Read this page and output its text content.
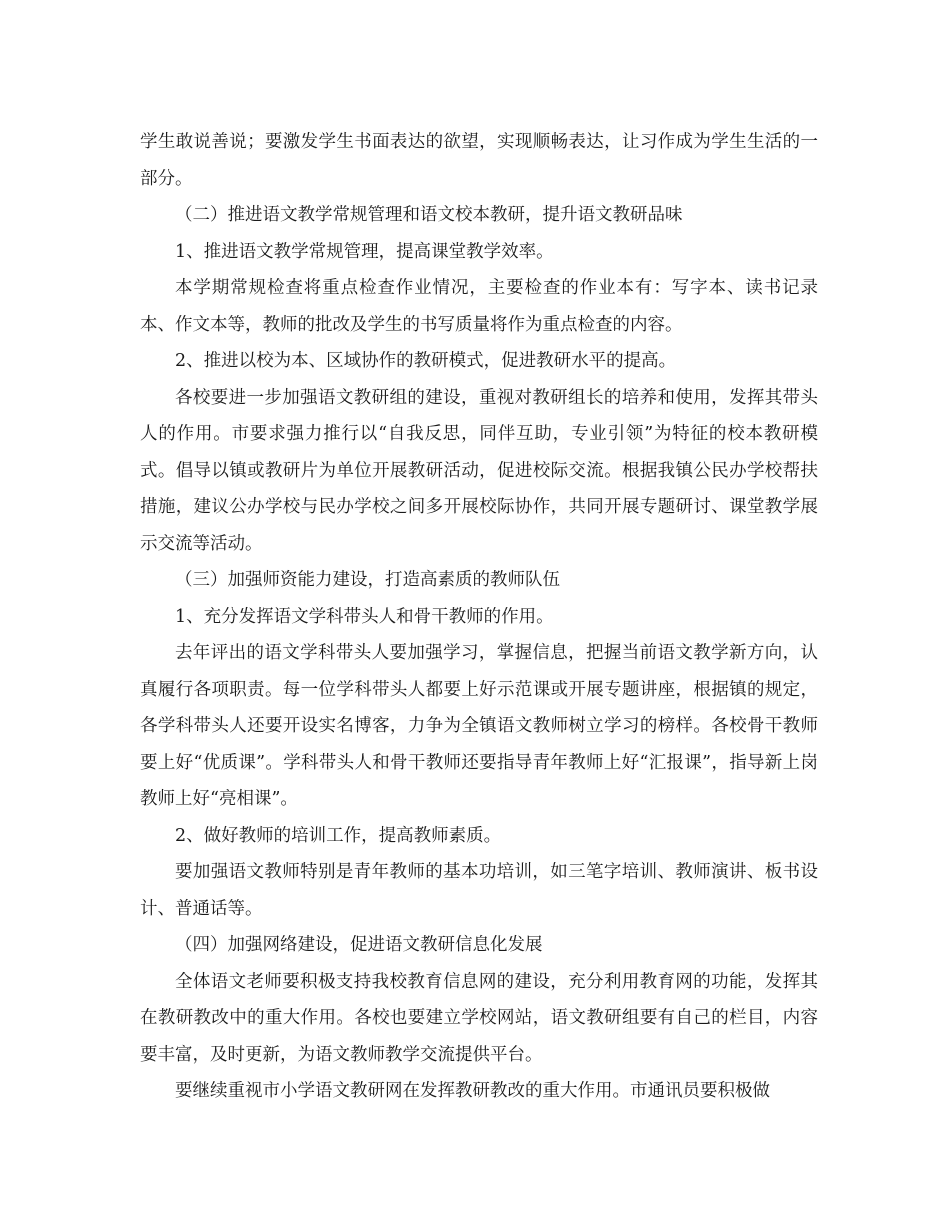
学生敢说善说；要激发学生书面表达的欲望，实现顺畅表达，让习作成为学生生活的一部分。

（二）推进语文教学常规管理和语文校本教研，提升语文教研品味

1、推进语文教学常规管理，提高课堂教学效率。

本学期常规检查将重点检查作业情况，主要检查的作业本有：写字本、读书记录本、作文本等，教师的批改及学生的书写质量将作为重点检查的内容。

2、推进以校为本、区域协作的教研模式，促进教研水平的提高。

各校要进一步加强语文教研组的建设，重视对教研组长的培养和使用，发挥其带头人的作用。市要求强力推行以“自我反思，同伴互助，专业引领”为特征的校本教研模式。倡导以镇或教研片为单位开展教研活动，促进校际交流。根据我镇公民办学校帮扶措施，建议公办学校与民办学校之间多开展校际协作，共同开展专题研讨、课堂教学展示交流等活动。

（三）加强师资能力建设，打造高素质的教师队伍

1、充分发挥语文学科带头人和骨干教师的作用。

去年评出的语文学科带头人要加强学习，掌握信息，把握当前语文教学新方向，认真履行各项职责。每一位学科带头人都要上好示范课或开展专题讲座，根据镇的规定，各学科带头人还要开设实名博客，力争为全镇语文教师树立学习的榜样。各校骨干教师要上好“优质课”。学科带头人和骨干教师还要指导青年教师上好“汇报课”，指导新上岗教师上好“亮相课”。

2、做好教师的培训工作，提高教师素质。

要加强语文教师特别是青年教师的基本功培训，如三笔字培训、教师演讲、板书设计、普通话等。

（四）加强网络建设，促进语文教研信息化发展

全体语文老师要积极支持我校教育信息网的建设，充分利用教育网的功能，发挥其在教研教改中的重大作用。各校也要建立学校网站，语文教研组要有自己的栏目，内容要丰富，及时更新，为语文教师教学交流提供平台。

要继续重视市小学语文教研网在发挥教研教改的重大作用。市通讯员要积极做
